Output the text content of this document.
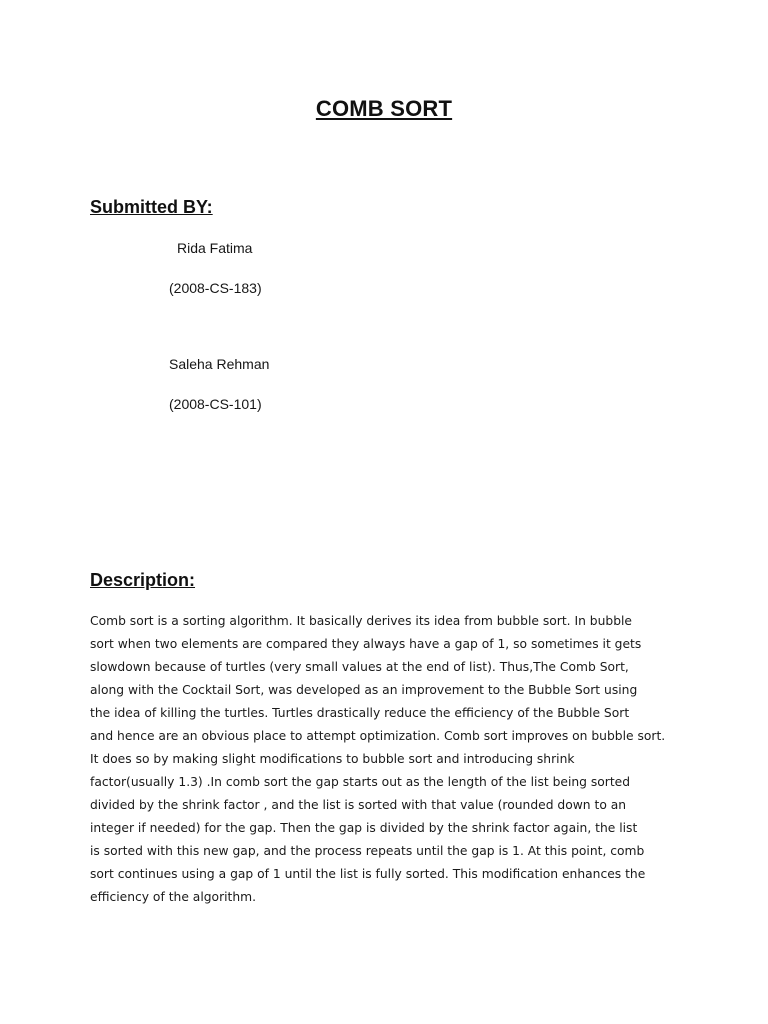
COMB SORT
Submitted BY:
Rida Fatima
(2008-CS-183)
Saleha Rehman
(2008-CS-101)
Description:
Comb sort is a sorting algorithm. It basically derives its idea from bubble sort. In bubble
sort when two elements are compared they always have a gap of 1, so sometimes it gets
slowdown because of turtles (very small values at the end of list). Thus,The Comb Sort,
along with the Cocktail Sort, was developed as an improvement to the Bubble Sort using
the idea of killing the turtles. Turtles drastically reduce the efficiency of the Bubble Sort
and hence are an obvious place to attempt optimization. Comb sort improves on bubble sort.
It does so by making slight modifications to bubble sort and introducing shrink
factor(usually 1.3) .In comb sort the gap starts out as the length of the list being sorted
divided by the shrink factor , and the list is sorted with that value (rounded down to an
integer if needed) for the gap. Then the gap is divided by the shrink factor again, the list
is sorted with this new gap, and the process repeats until the gap is 1. At this point, comb
sort continues using a gap of 1 until the list is fully sorted. This modification enhances the
efficiency of the algorithm.
